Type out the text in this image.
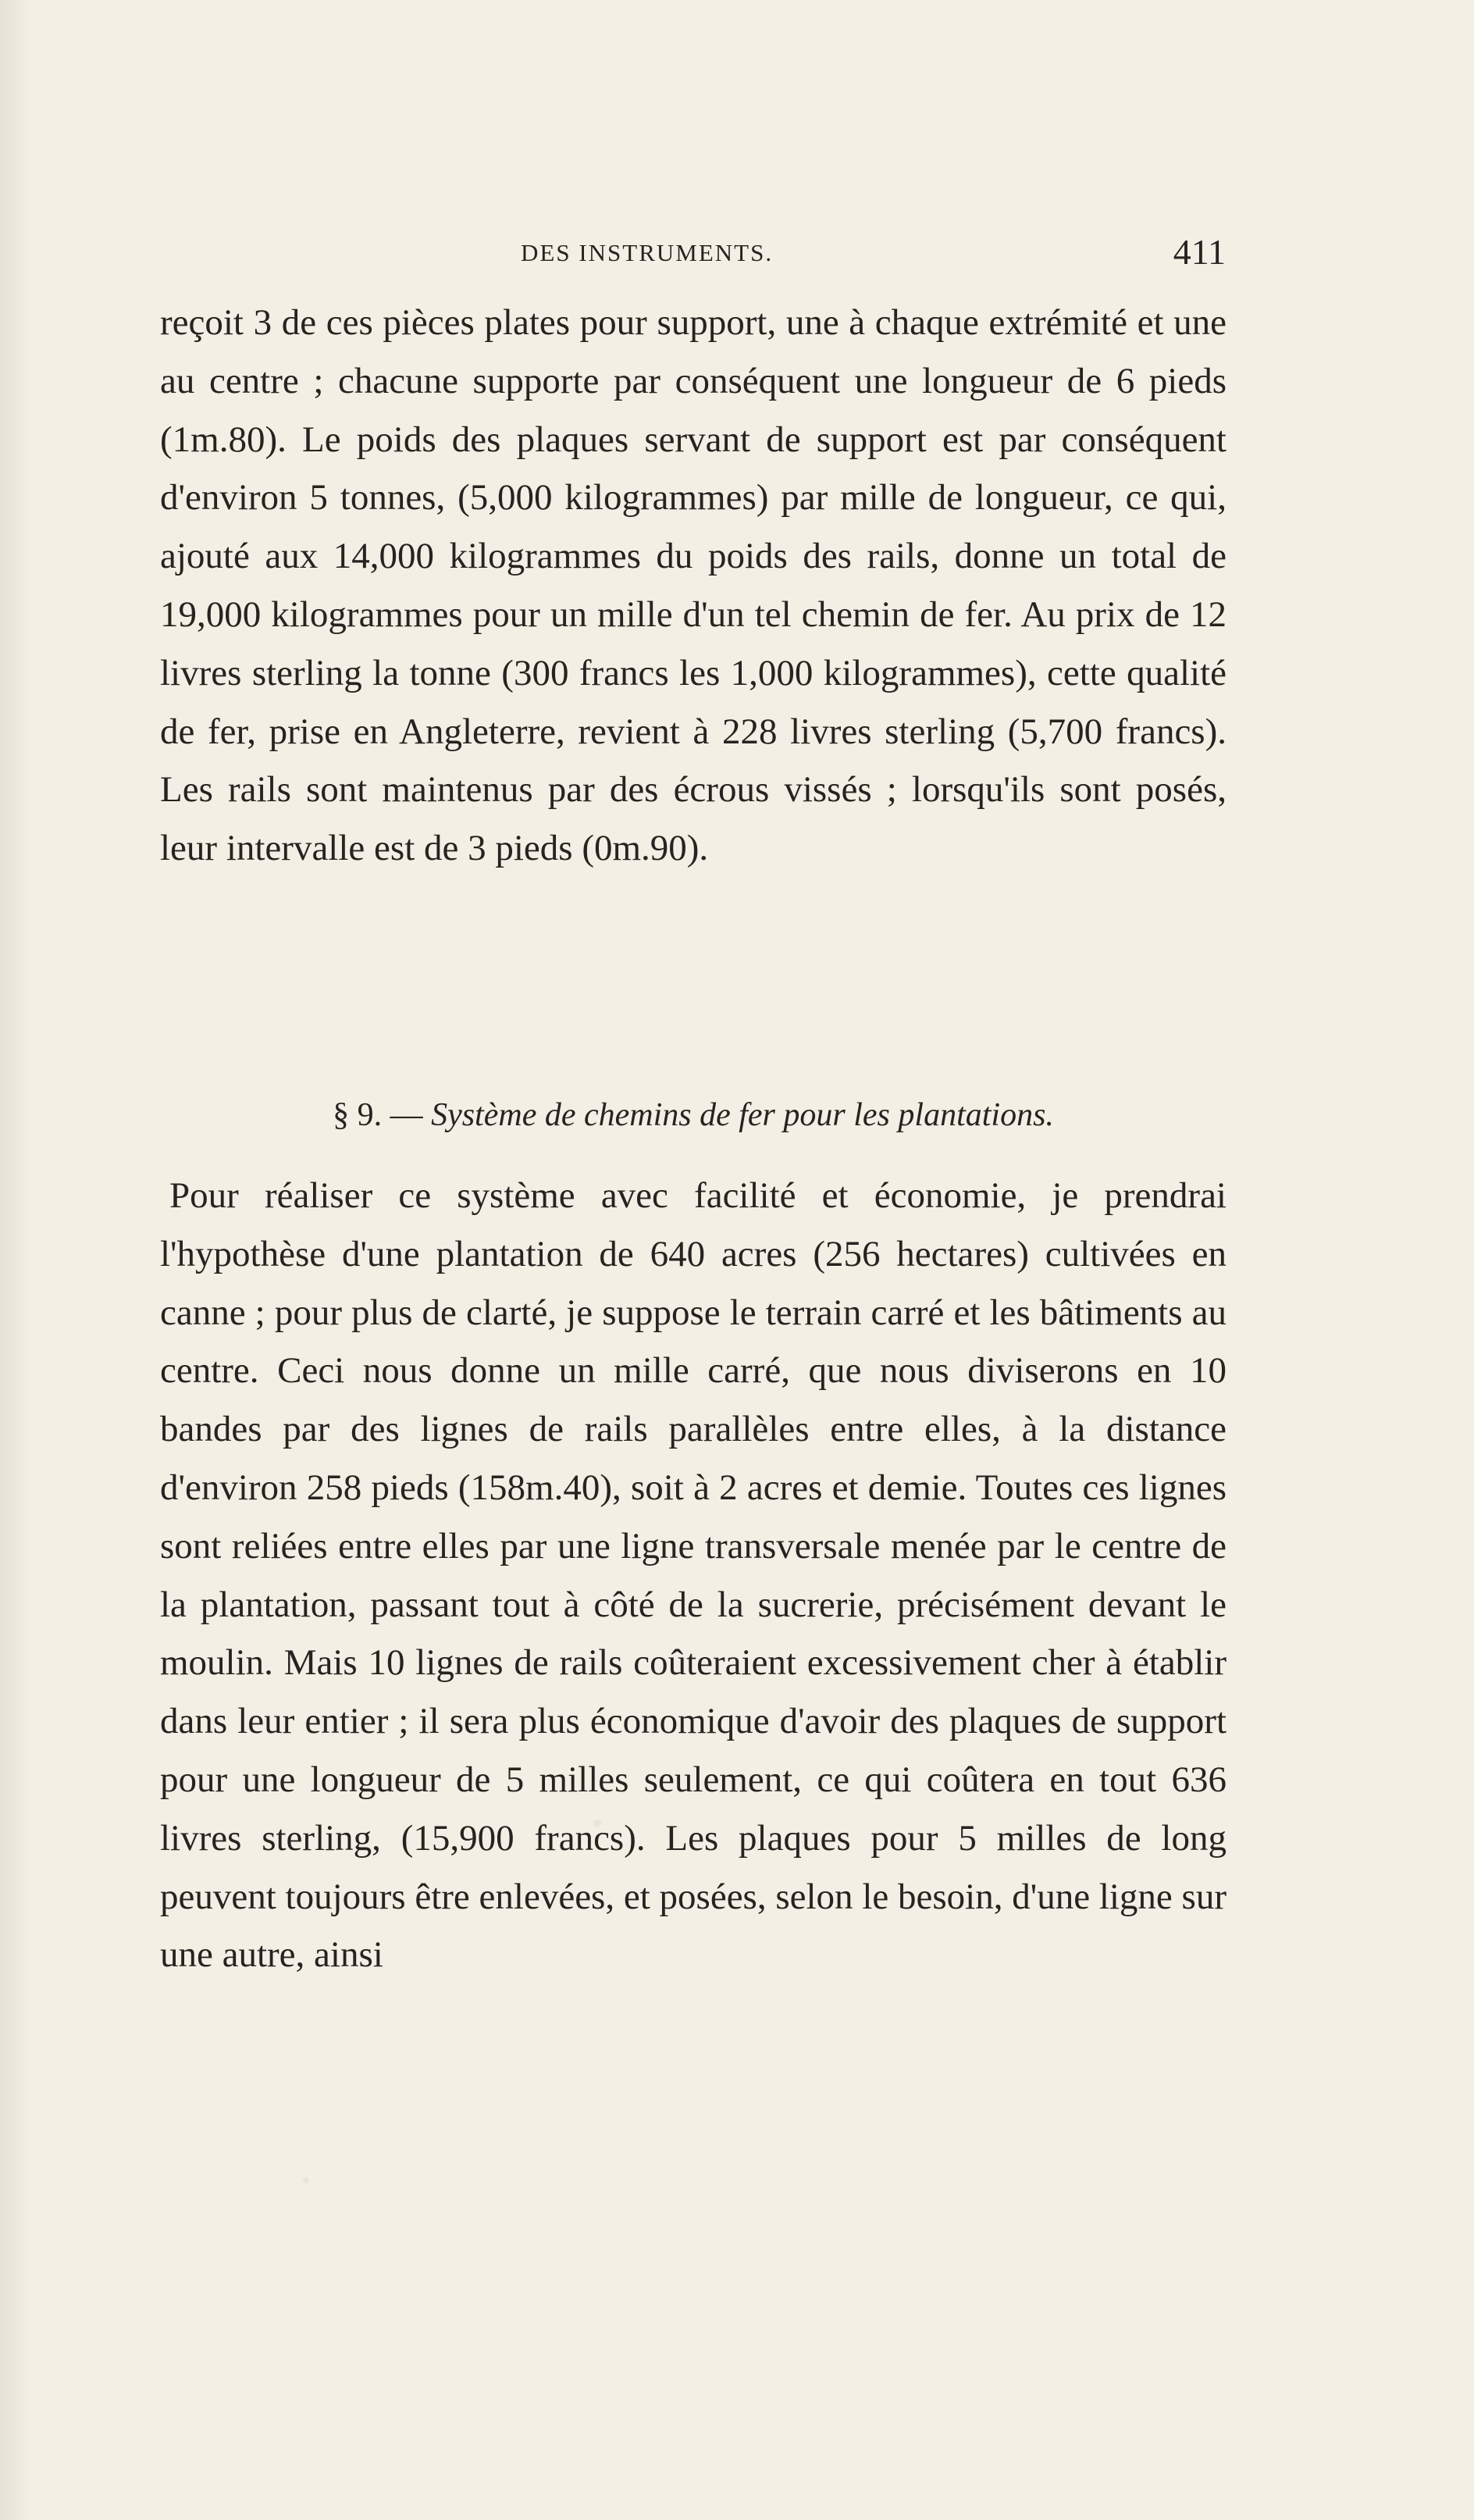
DES INSTRUMENTS.	411

reçoit 3 de ces pièces plates pour support, une à chaque extrémité et une au centre ; chacune supporte par conséquent une longueur de 6 pieds (1m.80). Le poids des plaques servant de support est par conséquent d'environ 5 tonnes, (5,000 kilogrammes) par mille de longueur, ce qui, ajouté aux 14,000 kilogrammes du poids des rails, donne un total de 19,000 kilogrammes pour un mille d'un tel chemin de fer. Au prix de 12 livres sterling la tonne (300 francs les 1,000 kilogrammes), cette qualité de fer, prise en Angleterre, revient à 228 livres sterling (5,700 francs). Les rails sont maintenus par des écrous vissés ; lorsqu'ils sont posés, leur intervalle est de 3 pieds (0m.90).

§ 9. — Système de chemins de fer pour les plantations.

Pour réaliser ce système avec facilité et économie, je prendrai l'hypothèse d'une plantation de 640 acres (256 hectares) cultivées en canne ; pour plus de clarté, je suppose le terrain carré et les bâtiments au centre. Ceci nous donne un mille carré, que nous diviserons en 10 bandes par des lignes de rails parallèles entre elles, à la distance d'environ 258 pieds (158m.40), soit à 2 acres et demie. Toutes ces lignes sont reliées entre elles par une ligne transversale menée par le centre de la plantation, passant tout à côté de la sucrerie, précisément devant le moulin. Mais 10 lignes de rails coûteraient excessivement cher à établir dans leur entier ; il sera plus économique d'avoir des plaques de support pour une longueur de 5 milles seulement, ce qui coûtera en tout 636 livres sterling, (15,900 francs). Les plaques pour 5 milles de long peuvent toujours être enlevées, et posées, selon le besoin, d'une ligne sur une autre, ainsi
